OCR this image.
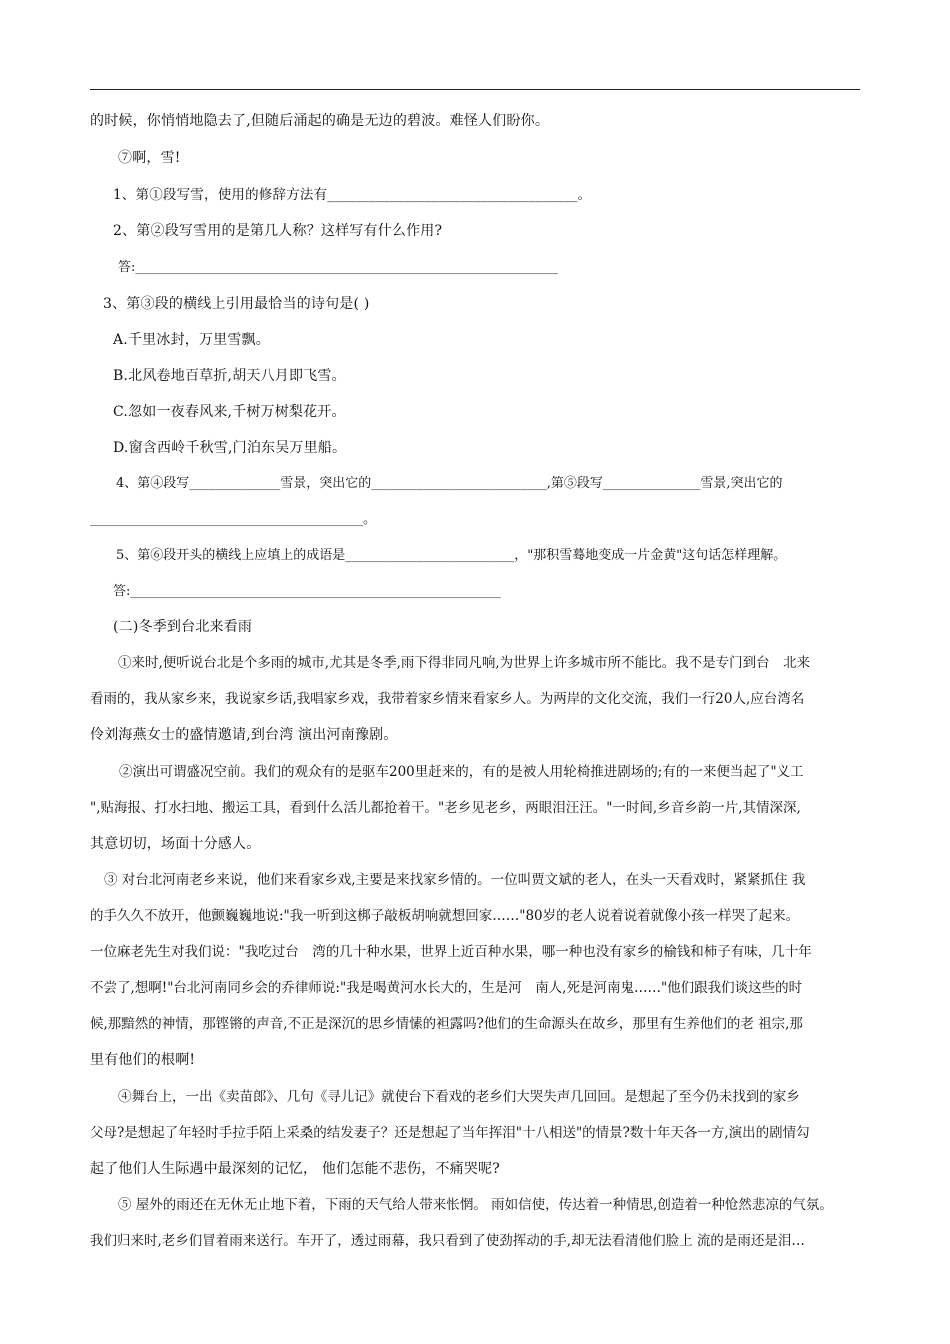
的时候，你悄悄地隐去了,但随后涌起的确是无边的碧波。难怪人们盼你。
⑦啊，雪!
1、第①段写雪，使用的修辞方法有____________________________________。
2、第②段写雪用的是第几人称？这样写有什么作用?
答:_________________________________________________________________
3、第③段的横线上引用最恰当的诗句是( )
A.千里冰封，万里雪飘。
B.北风卷地百草折,胡天八月即飞雪。
C.忽如一夜春风来,千树万树梨花开。
D.窗含西岭千秋雪,门泊东吴万里船。
4、第④段写______________雪景，突出它的___________________________,第⑤段写_______________雪景,突出它的
__________________________________________。
5、第⑥段开头的横线上应填上的成语是__________________________，"那积雪蓦地变成一片金黄"这句话怎样理解。
答:_________________________________________________________
(二)冬季到台北来看雨
①来时,便听说台北是个多雨的城市,尤其是冬季,雨下得非同凡响,为世界上许多城市所不能比。我不是专门到台　北来
看雨的，我从家乡来，我说家乡话,我唱家乡戏，我带着家乡情来看家乡人。为两岸的文化交流，我们一行20人,应台湾名
伶刘海燕女士的盛情邀请,到台湾 演出河南豫剧。
②演出可谓盛况空前。我们的观众有的是驱车200里赶来的，有的是被人用轮椅推进剧场的;有的一来便当起了"义工
",贴海报、打水扫地、搬运工具，看到什么活儿都抢着干。"老乡见老乡，两眼泪汪汪。"一时间,乡音乡韵一片,其情深深,
其意切切，场面十分感人。
③ 对台北河南老乡来说，他们来看家乡戏,主要是来找家乡情的。一位叫贾文斌的老人，在头一天看戏时，紧紧抓住 我
的手久久不放开，他颤巍巍地说:"我一听到这梆子敲板胡响就想回家……"80岁的老人说着说着就像小孩一样哭了起来。
一位麻老先生对我们说："我吃过台　湾的几十种水果，世界上近百种水果，哪一种也没有家乡的榆钱和柿子有味，几十年
不尝了,想啊!"台北河南同乡会的乔律师说:"我是喝黄河水长大的，生是河　南人,死是河南鬼……"他们跟我们谈这些的时
候,那黯然的神情，那铿锵的声音,不正是深沉的思乡情愫的袒露吗?他们的生命源头在故乡，那里有生养他们的老 祖宗,那
里有他们的根啊!
④舞台上，一出《卖苗郎》、几句《寻儿记》就使台下看戏的老乡们大哭失声几回回。是想起了至今仍未找到的家乡
父母?是想起了年轻时手拉手陌上采桑的结发妻子？还是想起了当年挥泪"十八相送"的情景?数十年天各一方,演出的剧情勾
起了他们人生际遇中最深刻的记忆， 他们怎能不悲伤，不痛哭呢?
⑤ 屋外的雨还在无休无止地下着，下雨的天气给人带来怅惘。 雨如信使，传达着一种情思,创造着一种怆然悲凉的气氛。
我们归来时,老乡们冒着雨来送行。车开了，透过雨幕，我只看到了使劲挥动的手,却无法看清他们脸上 流的是雨还是泪…
